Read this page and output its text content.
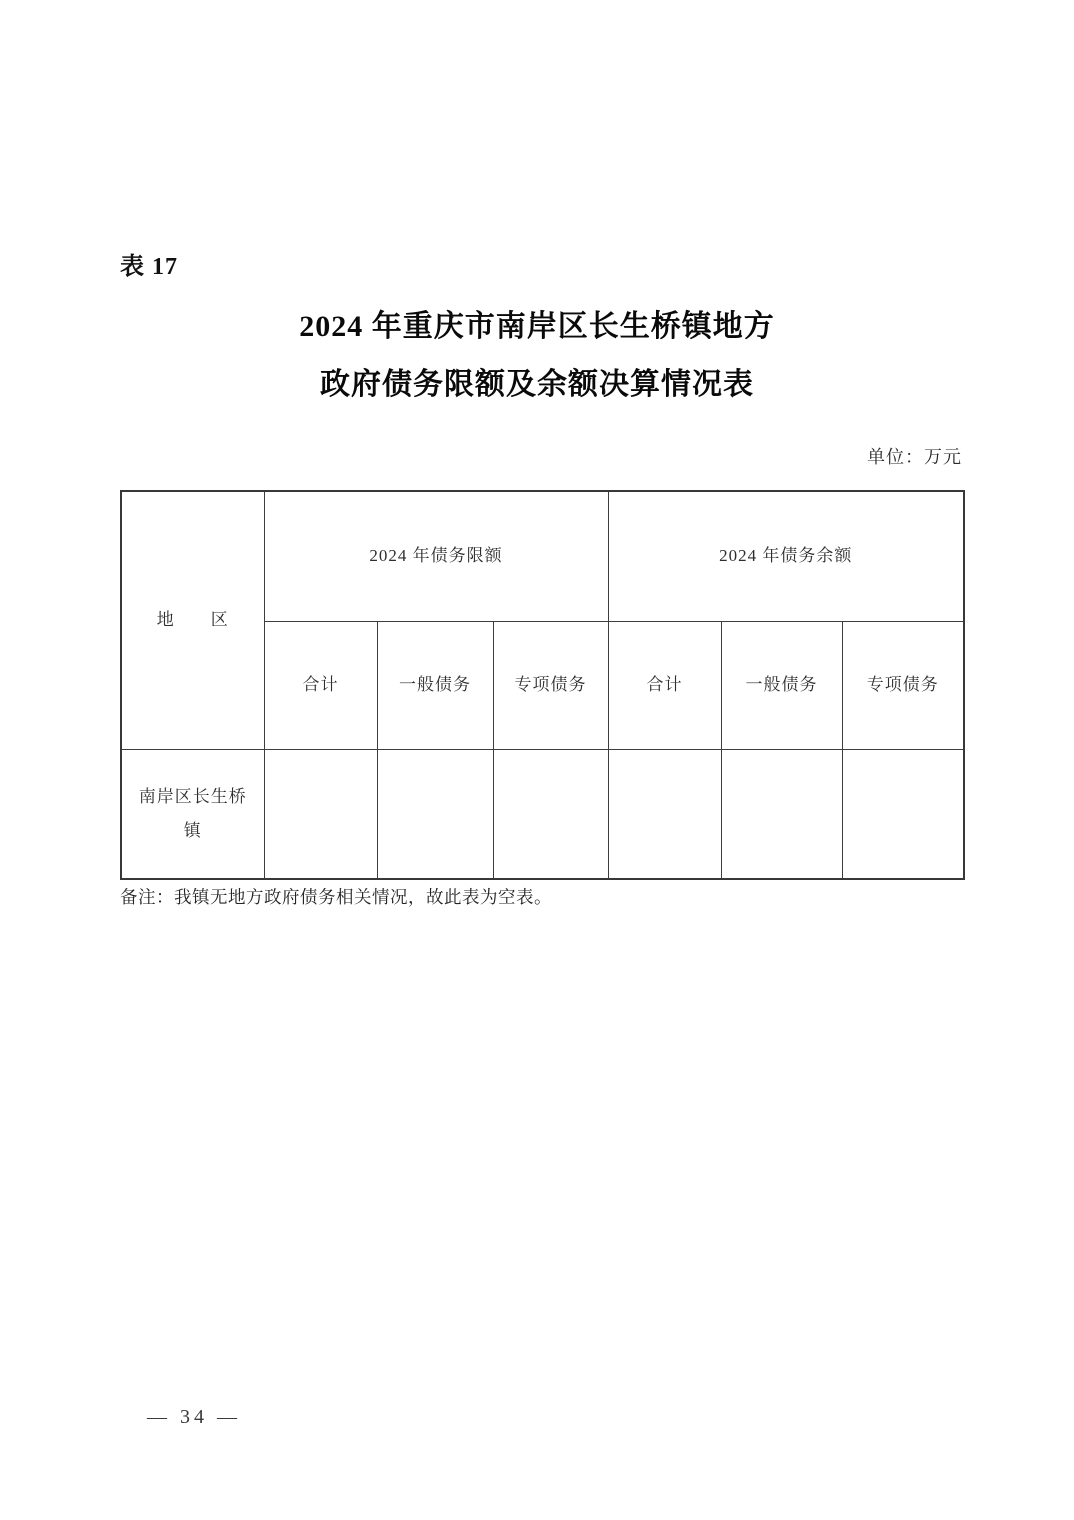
表 17
2024 年重庆市南岸区长生桥镇地方
政府债务限额及余额决算情况表
单位：万元
地　　区	2024 年债务限额			2024 年债务余额		
	合计	一般债务	专项债务	合计	一般债务	专项债务
南岸区长生桥镇						
备注：我镇无地方政府债务相关情况，故此表为空表。
— 34 —
